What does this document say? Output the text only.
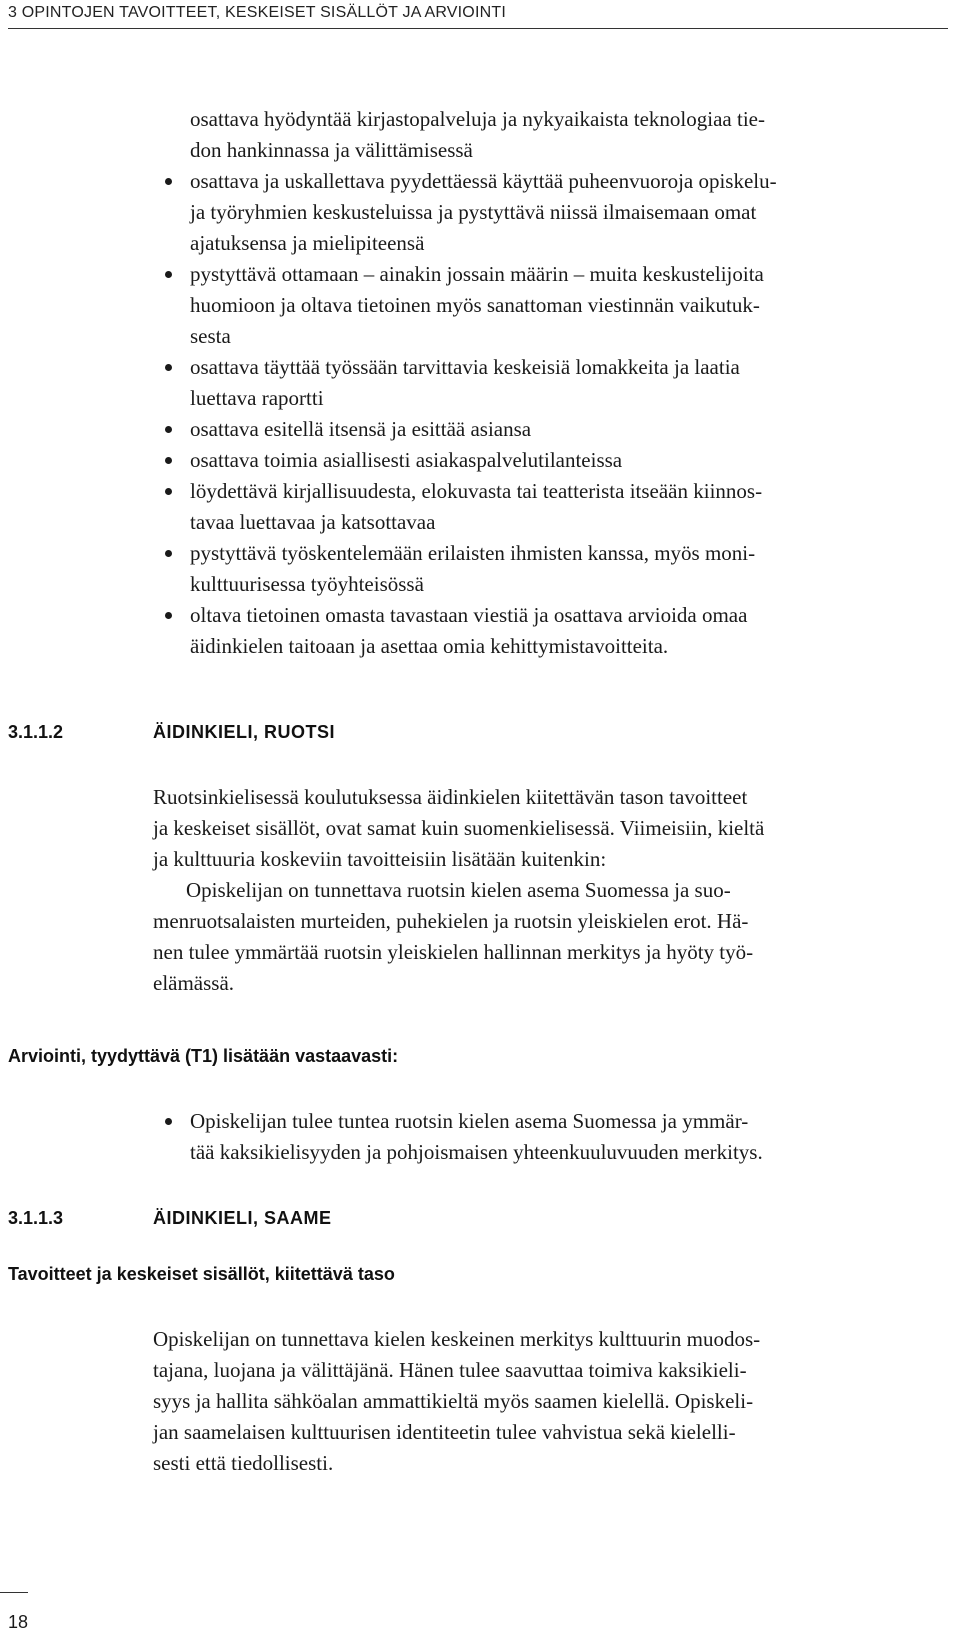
3 OPINTOJEN TAVOITTEET, KESKEISET SISÄLLÖT JA ARVIOINTI
osattava hyödyntää kirjastopalveluja ja nykyaikaista teknologiaa tie-
don hankinnassa ja välittämisessä
osattava ja uskallettava pyydettäessä käyttää puheenvuoroja opiskelu-
ja työryhmien keskusteluissa ja pystyttävä niissä ilmaisemaan omat
ajatuksensa ja mielipiteensä
pystyttävä ottamaan – ainakin jossain määrin – muita keskustelijoita
huomioon ja oltava tietoinen myös sanattoman viestinnän vaikutuk-
sesta
osattava täyttää työssään tarvittavia keskeisiä lomakkeita ja laatia
luettava raportti
osattava esitellä itsensä ja esittää asiansa
osattava toimia asiallisesti asiakaspalvelutilanteissa
löydettävä kirjallisuudesta, elokuvasta tai teatterista itseään kiinnos-
tavaa luettavaa ja katsottavaa
pystyttävä työskentelemään erilaisten ihmisten kanssa, myös moni-
kulttuurisessa työyhteisössä
oltava tietoinen omasta tavastaan viestiä ja osattava arvioida omaa
äidinkielen taitoaan ja asettaa omia kehittymistavoitteita.
3.1.1.2	ÄIDINKIELI, RUOTSI
Ruotsinkielisessä koulutuksessa äidinkielen kiitettävän tason tavoitteet
ja keskeiset sisällöt, ovat samat kuin suomenkielisessä. Viimeisiin, kieltä
ja kulttuuria koskeviin tavoitteisiin lisätään kuitenkin:
Opiskelijan on tunnettava ruotsin kielen asema Suomessa ja suo-
menruotsalaisten murteiden, puhekielen ja ruotsin yleiskielen erot. Hä-
nen tulee ymmärtää ruotsin yleiskielen hallinnan merkitys ja hyöty työ-
elämässä.
Arviointi, tyydyttävä (T1) lisätään vastaavasti:
Opiskelijan tulee tuntea ruotsin kielen asema Suomessa ja ymmär-
tää kaksikielisyyden ja pohjoismaisen yhteenkuuluvuuden merkitys.
3.1.1.3	ÄIDINKIELI, SAAME
Tavoitteet ja keskeiset sisällöt, kiitettävä taso
Opiskelijan on tunnettava kielen keskeinen merkitys kulttuurin muodos-
tajana, luojana ja välittäjänä. Hänen tulee saavuttaa toimiva kaksikieli-
syys ja hallita sähköalan ammattikieltä myös saamen kielellä. Opiskeli-
jan saamelaisen kulttuurisen identiteetin tulee vahvistua sekä kielelli-
sesti että tiedollisesti.
18
